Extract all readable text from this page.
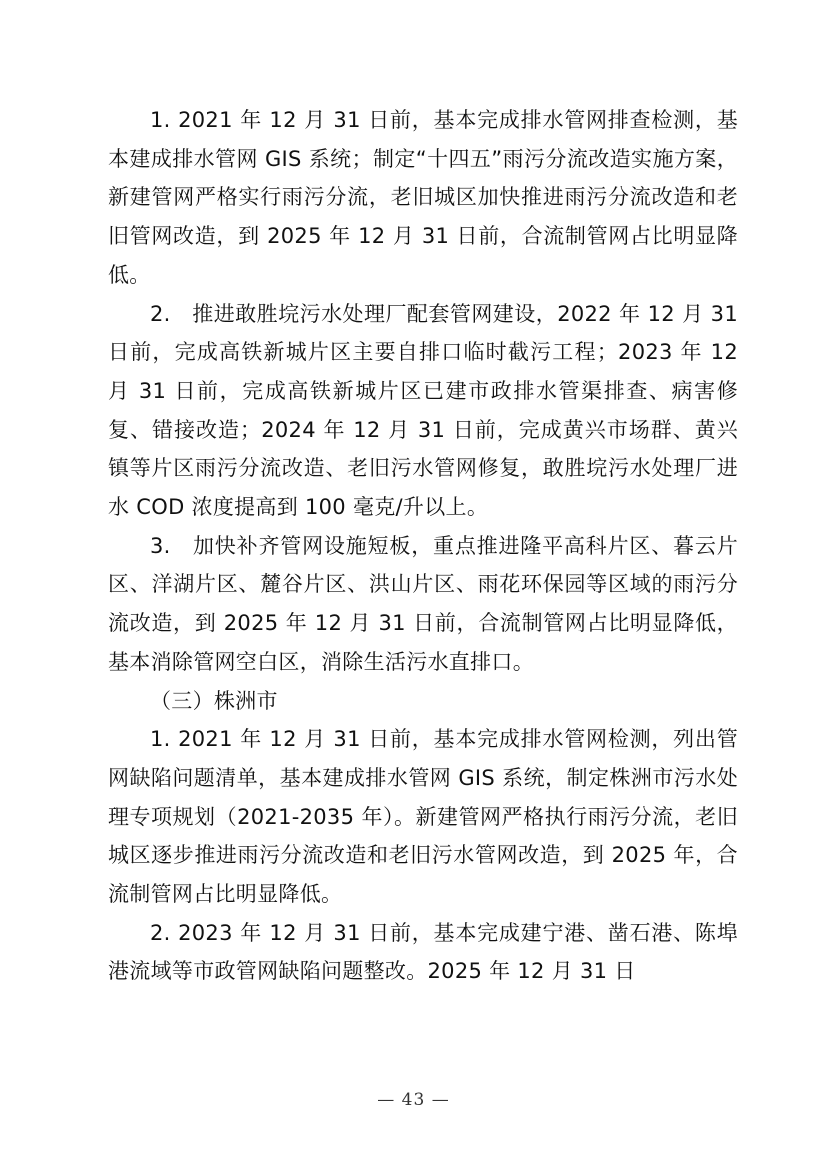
1. 2021 年 12 月 31 日前，基本完成排水管网排查检测，基本建成排水管网 GIS 系统；制定“十四五”雨污分流改造实施方案，新建管网严格实行雨污分流，老旧城区加快推进雨污分流改造和老旧管网改造，到 2025 年 12 月 31 日前，合流制管网占比明显降低。

2.　推进敢胜垸污水处理厂配套管网建设，2022 年 12 月 31 日前，完成高铁新城片区主要自排口临时截污工程；2023 年 12 月 31 日前，完成高铁新城片区已建市政排水管渠排查、病害修复、错接改造；2024 年 12 月 31 日前，完成黄兴市场群、黄兴镇等片区雨污分流改造、老旧污水管网修复，敢胜垸污水处理厂进水 COD 浓度提高到 100 毫克/升以上。

3.　加快补齐管网设施短板，重点推进隆平高科片区、暮云片区、洋湖片区、麓谷片区、洪山片区、雨花环保园等区域的雨污分流改造，到 2025 年 12 月 31 日前，合流制管网占比明显降低，基本消除管网空白区，消除生活污水直排口。

（三）株洲市

1. 2021 年 12 月 31 日前，基本完成排水管网检测，列出管网缺陷问题清单，基本建成排水管网 GIS 系统，制定株洲市污水处理专项规划（2021-2035 年）。新建管网严格执行雨污分流，老旧城区逐步推进雨污分流改造和老旧污水管网改造，到 2025 年，合流制管网占比明显降低。

2. 2023 年 12 月 31 日前，基本完成建宁港、凿石港、陈埠港流域等市政管网缺陷问题整改。2025 年 12 月 31 日

— 43 —
